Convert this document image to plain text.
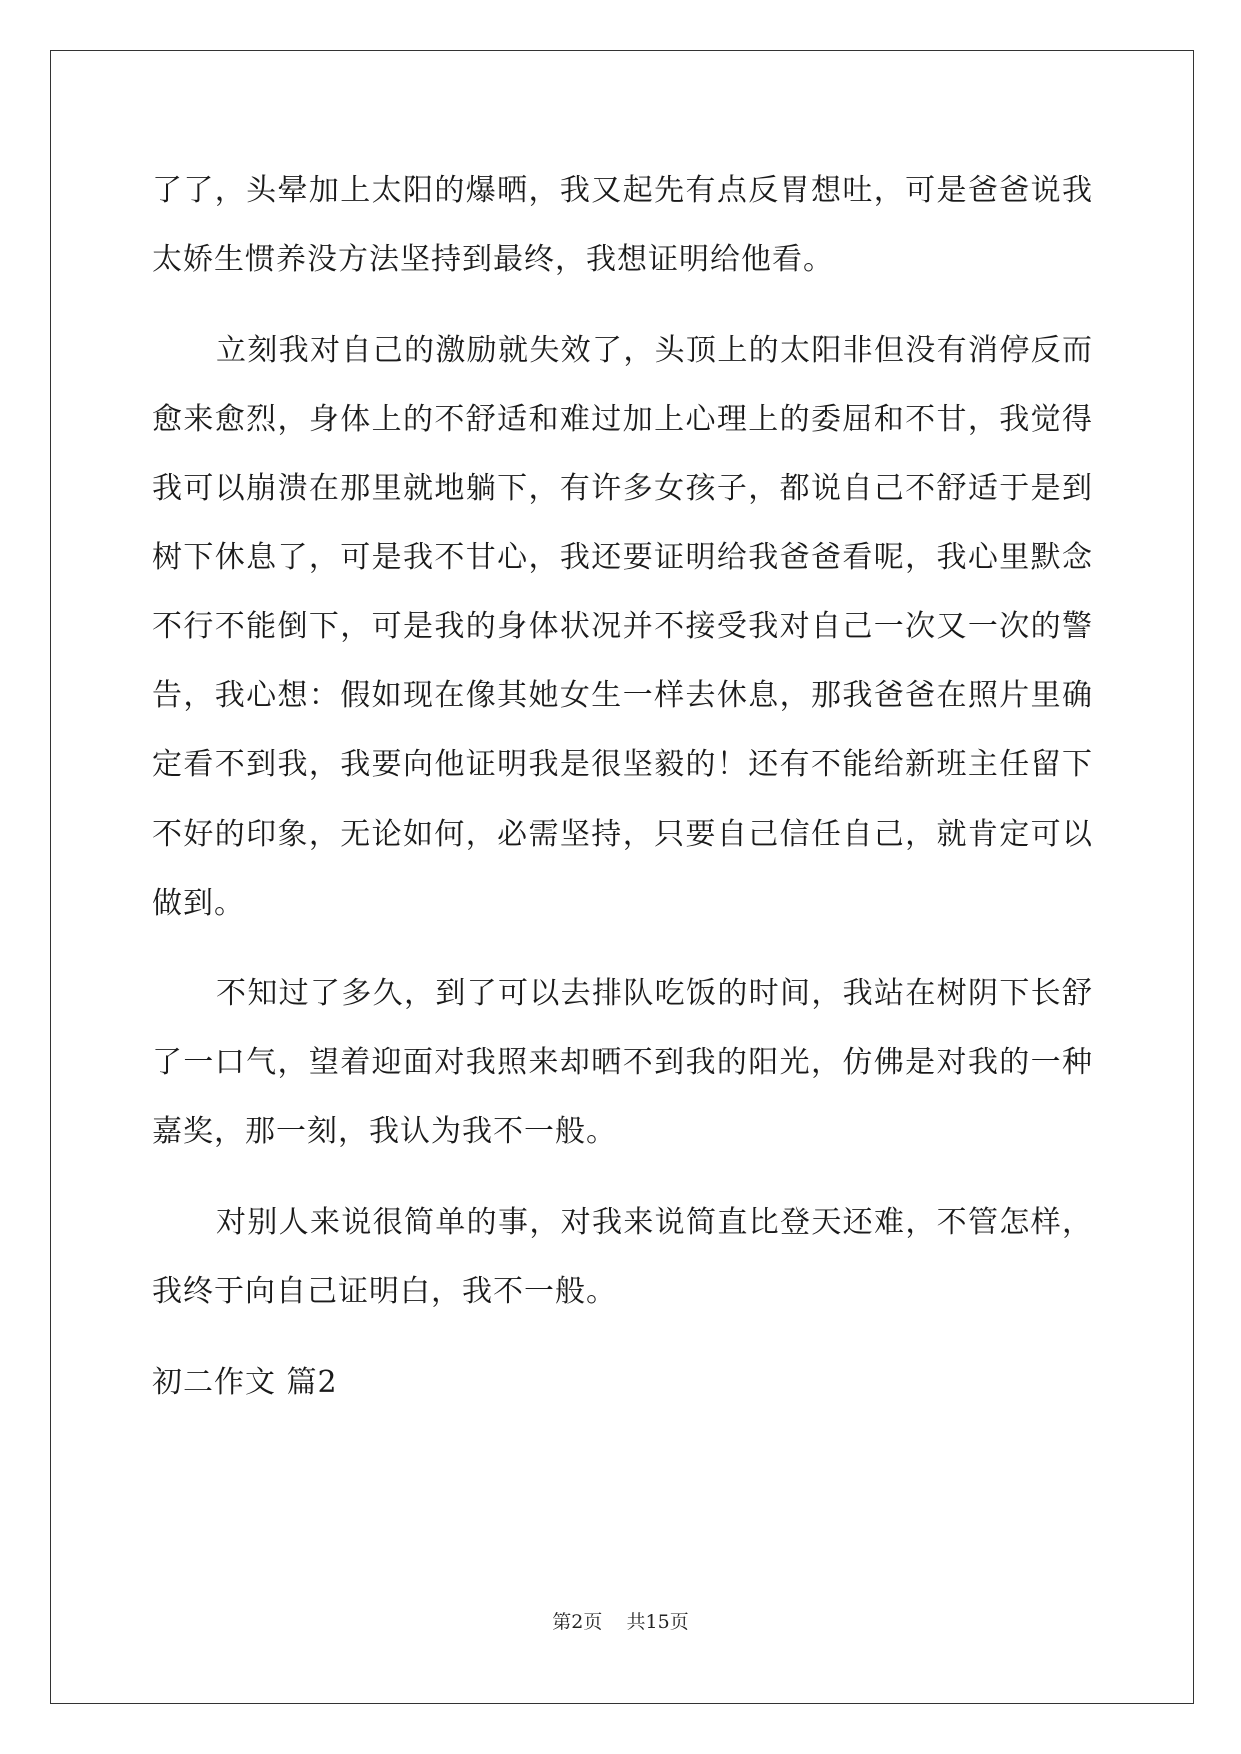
了了，头晕加上太阳的爆晒，我又起先有点反胃想吐，可是爸爸说我
太娇生惯养没方法坚持到最终，我想证明给他看。
立刻我对自己的激励就失效了，头顶上的太阳非但没有消停反而
愈来愈烈，身体上的不舒适和难过加上心理上的委屈和不甘，我觉得
我可以崩溃在那里就地躺下，有许多女孩子，都说自己不舒适于是到
树下休息了，可是我不甘心，我还要证明给我爸爸看呢，我心里默念
不行不能倒下，可是我的身体状况并不接受我对自己一次又一次的警
告，我心想：假如现在像其她女生一样去休息，那我爸爸在照片里确
定看不到我，我要向他证明我是很坚毅的！还有不能给新班主任留下
不好的印象，无论如何，必需坚持，只要自己信任自己，就肯定可以
做到。
不知过了多久，到了可以去排队吃饭的时间，我站在树阴下长舒
了一口气，望着迎面对我照来却晒不到我的阳光，仿佛是对我的一种
嘉奖，那一刻，我认为我不一般。
对别人来说很简单的事，对我来说简直比登天还难，不管怎样，
我终于向自己证明白，我不一般。
初二作文 篇2
第2页    共15页
